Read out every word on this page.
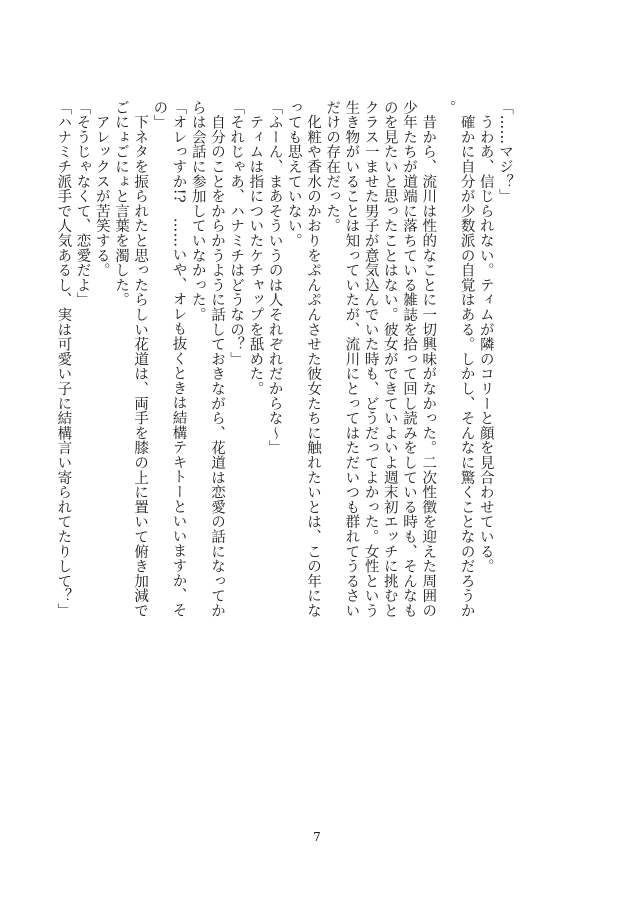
「……マジ？」

　うわあ、信じられない。ティムが隣のコリーと顔を見合わせている。

　確かに自分が少数派の自覚はある。しかし、そんなに驚くことなのだろうか。

　昔から、流川は性的なことに一切興味がなかった。二次性徴を迎えた周囲の少年たちが道端に落ちている雑誌を拾って回し読みをしている時も、そんなものを見たいと思ったことはない。彼女ができていよいよ週末初エッチに挑むとクラス一ませた男子が意気込んでいた時も、どうだってよかった。女性という生き物がいることは知っていたが、流川にとってはただいつも群れてうるさいだけの存在だった。

　化粧や香水のかおりをぷんぷんさせた彼女たちに触れたいとは、この年になっても思えていない。

「ふーん、まあそういうのは人それぞれだからな～」

　ティムは指についたケチャップを舐めた。

「それじゃあ、ハナミチはどうなの？」

　自分のことをからかうように話しておきながら、花道は恋愛の話になってからは会話に参加していなかった。

「オレっすか!?　……いや、オレも抜くときは結構テキトーといいますか、その」

　下ネタを振られたと思ったらしい花道は、両手を膝の上に置いて俯き加減でごにょごにょと言葉を濁した。

　アレックスが苦笑する。

「そうじゃなくて、恋愛だよ」

「ハナミチ派手で人気あるし、実は可愛い子に結構言い寄られてたりして？」

7
